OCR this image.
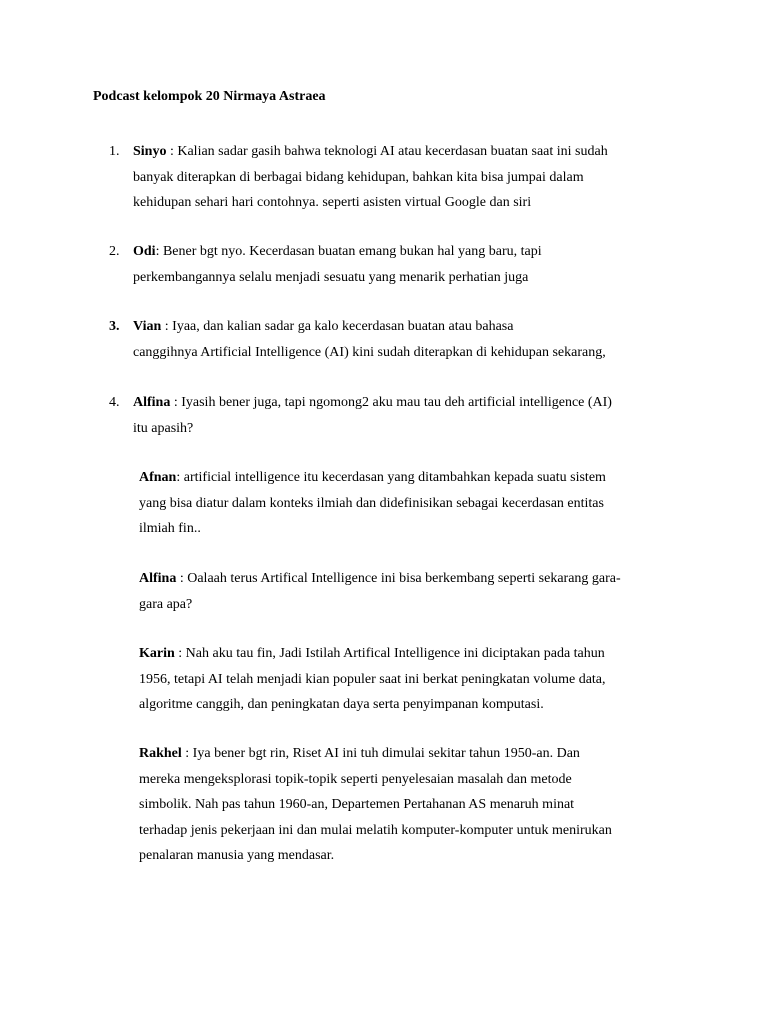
Podcast kelompok 20 Nirmaya Astraea
1. Sinyo : Kalian sadar gasih bahwa teknologi AI atau kecerdasan buatan saat ini sudah
banyak diterapkan di berbagai bidang kehidupan, bahkan kita bisa jumpai dalam
kehidupan sehari hari contohnya. seperti asisten virtual Google dan siri
2. Odi: Bener bgt nyo. Kecerdasan buatan emang bukan hal yang baru, tapi
perkembangannya selalu menjadi sesuatu yang menarik perhatian juga
3. Vian : Iyaa, dan kalian sadar ga kalo kecerdasan buatan atau bahasa
canggihnya Artificial Intelligence (AI) kini sudah diterapkan di kehidupan sekarang,
4. Alfina : Iyasih bener juga, tapi ngomong2 aku mau tau deh artificial intelligence (AI)
itu apasih?
Afnan: artificial intelligence itu kecerdasan yang ditambahkan kepada suatu sistem
yang bisa diatur dalam konteks ilmiah dan didefinisikan sebagai kecerdasan entitas
ilmiah fin..
Alfina : Oalaah terus Artifical Intelligence ini bisa berkembang seperti sekarang gara-
gara apa?
Karin : Nah aku tau fin, Jadi Istilah Artifical Intelligence ini diciptakan pada tahun
1956, tetapi AI telah menjadi kian populer saat ini berkat peningkatan volume data,
algoritme canggih, dan peningkatan daya serta penyimpanan komputasi.
Rakhel : Iya bener bgt rin, Riset AI ini tuh dimulai sekitar tahun 1950-an. Dan
mereka mengeksplorasi topik-topik seperti penyelesaian masalah dan metode
simbolik. Nah pas tahun 1960-an, Departemen Pertahanan AS menaruh minat
terhadap jenis pekerjaan ini dan mulai melatih komputer-komputer untuk menirukan
penalaran manusia yang mendasar.
